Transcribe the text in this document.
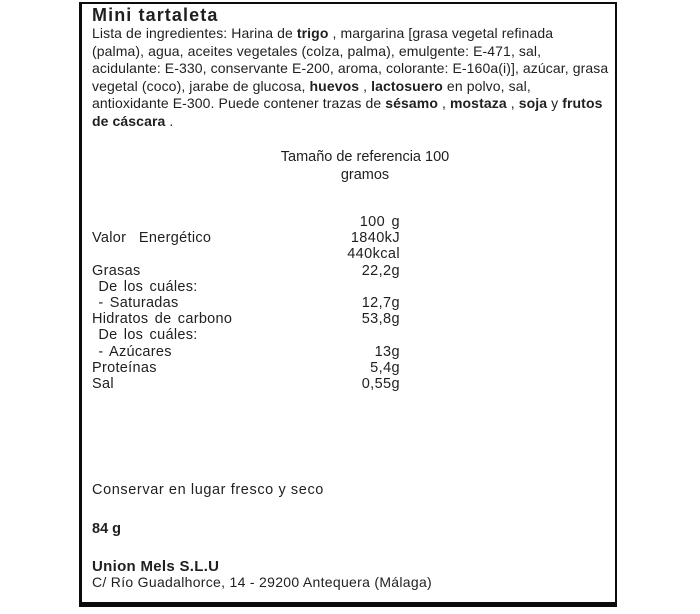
Mini tartaleta
Lista de ingredientes: Harina de trigo , margarina [grasa vegetal refinada
(palma), agua, aceites vegetales (colza, palma), emulgente: E-471, sal,
acidulante: E-330, conservante E-200, aroma, colorante: E-160a(i)], azúcar, grasa
vegetal (coco), jarabe de glucosa, huevos , lactosuero en polvo, sal,
antioxidante E-300. Puede contener trazas de sésamo , mostaza , soja y frutos
de cáscara .
Tamaño de referencia 100
gramos
100 g
Valor  Energético	1840kJ
440kcal
Grasas	22,2g
De los cuáles:
- Saturadas	12,7g
Hidratos de carbono	53,8g
De los cuáles:
- Azúcares	13g
Proteínas	5,4g
Sal	0,55g
Conservar en lugar fresco y seco
84 g
Union Mels S.L.U
C/ Río Guadalhorce, 14 - 29200 Antequera (Málaga)
